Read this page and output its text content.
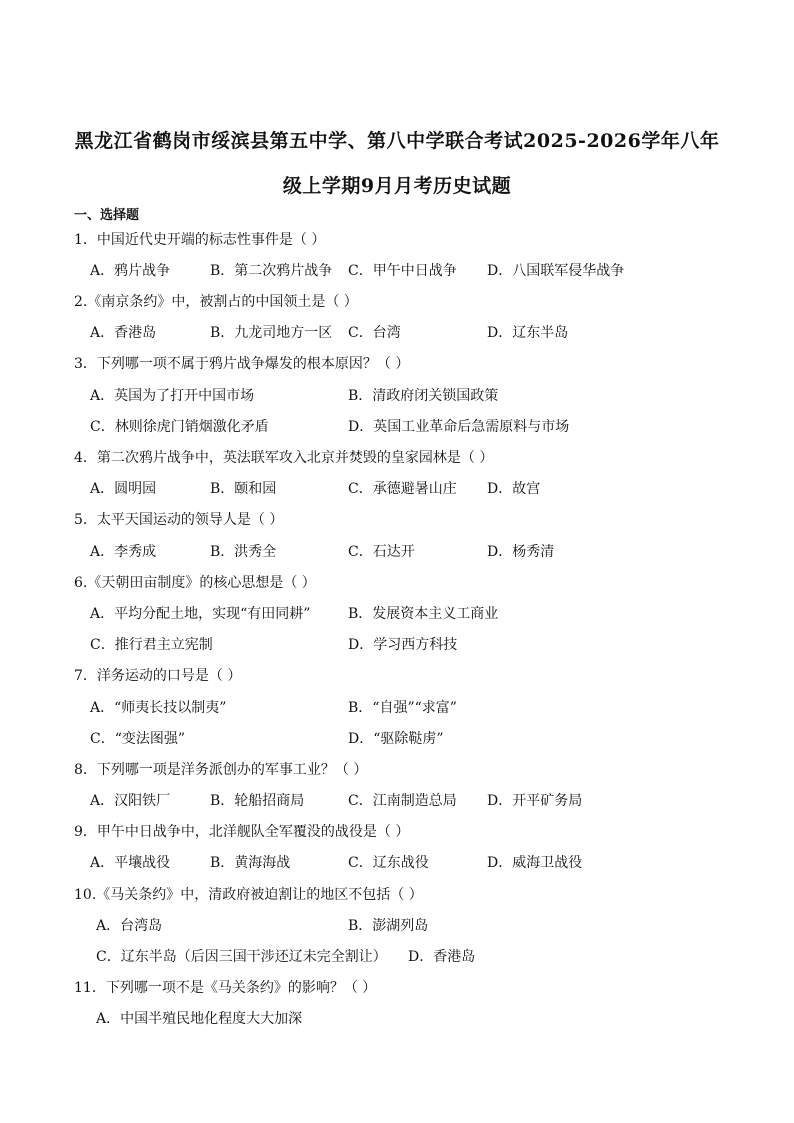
黑龙江省鹤岗市绥滨县第五中学、第八中学联合考试2025-2026学年八年
级上学期9月月考历史试题
一、选择题
1．中国近代史开端的标志性事件是（ ）
A．鸦片战争	B．第二次鸦片战争 C．甲午中日战争 D．八国联军侵华战争
2.《南京条约》中，被割占的中国领土是（ ）
A．香港岛	B．九龙司地方一区 C．台湾	D．辽东半岛
3．下列哪一项不属于鸦片战争爆发的根本原因？（ ）
A．英国为了打开中国市场	B．清政府闭关锁国政策
C．林则徐虎门销烟激化矛盾	D．英国工业革命后急需原料与市场
4．第二次鸦片战争中，英法联军攻入北京并焚毁的皇家园林是（ ）
A．圆明园	B．颐和园	C．承德避暑山庄 D．故宫
5．太平天国运动的领导人是（ ）
A．李秀成	B．洪秀全	C．石达开	D．杨秀清
6.《天朝田亩制度》的核心思想是（ ）
A．平均分配土地，实现“有田同耕”	B．发展资本主义工商业
C．推行君主立宪制	D．学习西方科技
7．洋务运动的口号是（ ）
A．“师夷长技以制夷”	B．“自强”“求富”
C．“变法图强”	D．“驱除鞑虏”
8．下列哪一项是洋务派创办的军事工业？（ ）
A．汉阳铁厂	B．轮船招商局	C．江南制造总局 D．开平矿务局
9．甲午中日战争中，北洋舰队全军覆没的战役是（ ）
A．平壤战役	B．黄海海战	C．辽东战役	D．威海卫战役
10.《马关条约》中，清政府被迫割让的地区不包括（ ）
A．台湾岛	B．澎湖列岛
C．辽东半岛（后因三国干涉还辽未完全割让） D．香港岛
11．下列哪一项不是《马关条约》的影响？（ ）
A．中国半殖民地化程度大大加深
